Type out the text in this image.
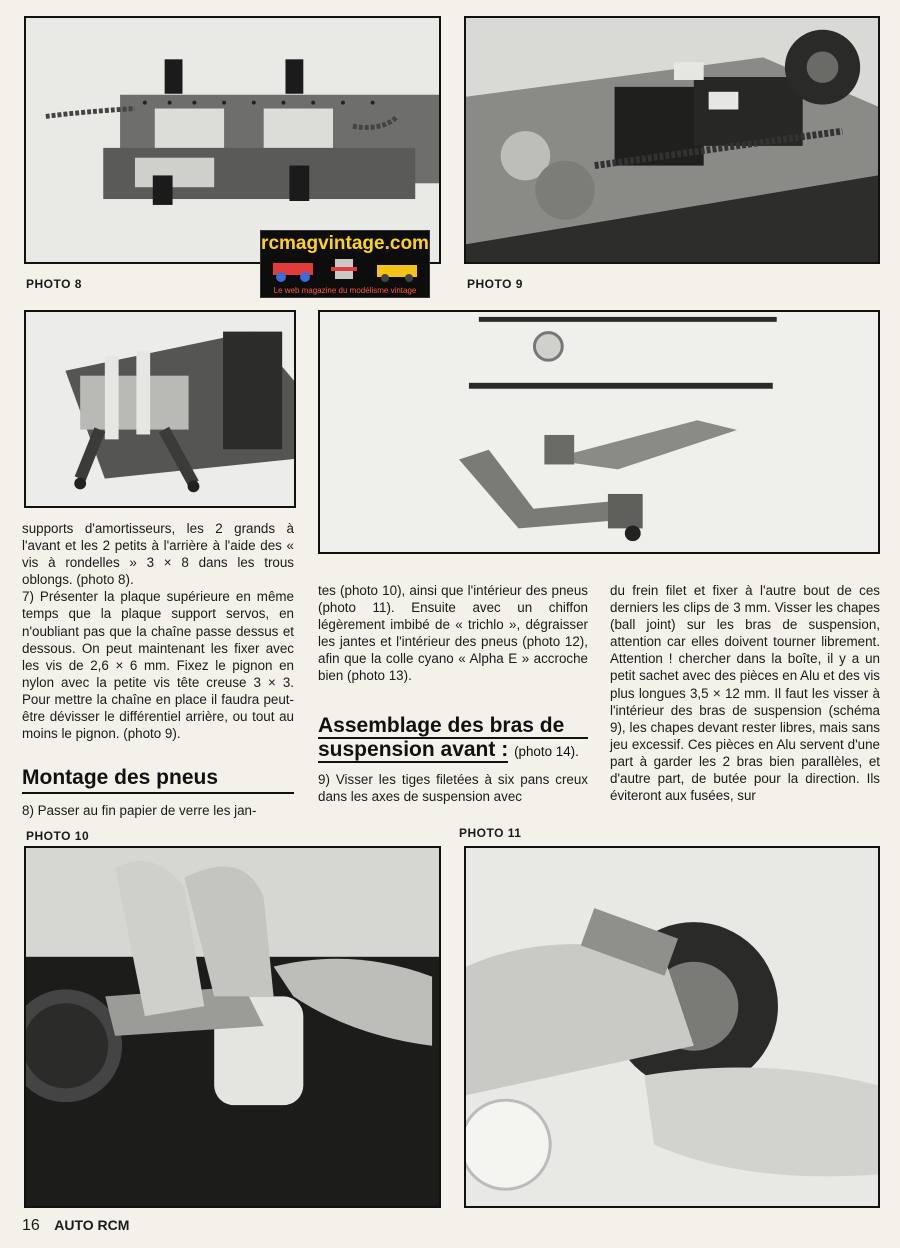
PHOTO 8	PHOTO 9
rcmagvintage.com
Le web magazine du modélisme vintage

supports d'amortisseurs, les 2 grands à l'avant et les 2 petits à l'arrière à l'aide des « vis à rondelles » 3 × 8 dans les trous oblongs. (photo 8).

7) Présenter la plaque supérieure en même temps que la plaque support servos, en n'oubliant pas que la chaîne passe dessus et dessous. On peut maintenant les fixer avec les vis de 2,6 × 6 mm. Fixez le pignon en nylon avec la petite vis tête creuse 3 × 3. Pour mettre la chaîne en place il faudra peut-être dévisser le différentiel arrière, ou tout au moins le pignon. (photo 9).

Montage des pneus

8) Passer au fin papier de verre les jan-

tes (photo 10), ainsi que l'intérieur des pneus (photo 11). Ensuite avec un chiffon légèrement imbibé de « trichlo », dégraisser les jantes et l'intérieur des pneus (photo 12), afin que la colle cyano « Alpha E » accroche bien (photo 13).

Assemblage des bras de
suspension avant : (photo 14).

9) Visser les tiges filetées à six pans creux dans les axes de suspension avec

du frein filet et fixer à l'autre bout de ces derniers les clips de 3 mm. Visser les chapes (ball joint) sur les bras de suspension, attention car elles doivent tourner librement. Attention ! chercher dans la boîte, il y a un petit sachet avec des pièces en Alu et des vis plus longues 3,5 × 12 mm. Il faut les visser à l'intérieur des bras de suspension (schéma 9), les chapes devant rester libres, mais sans jeu excessif. Ces pièces en Alu servent d'une part à garder les 2 bras bien parallèles, et d'autre part, de butée pour la direction. Ils éviteront aux fusées, sur

PHOTO 10	PHOTO 11
16 AUTO RCM
